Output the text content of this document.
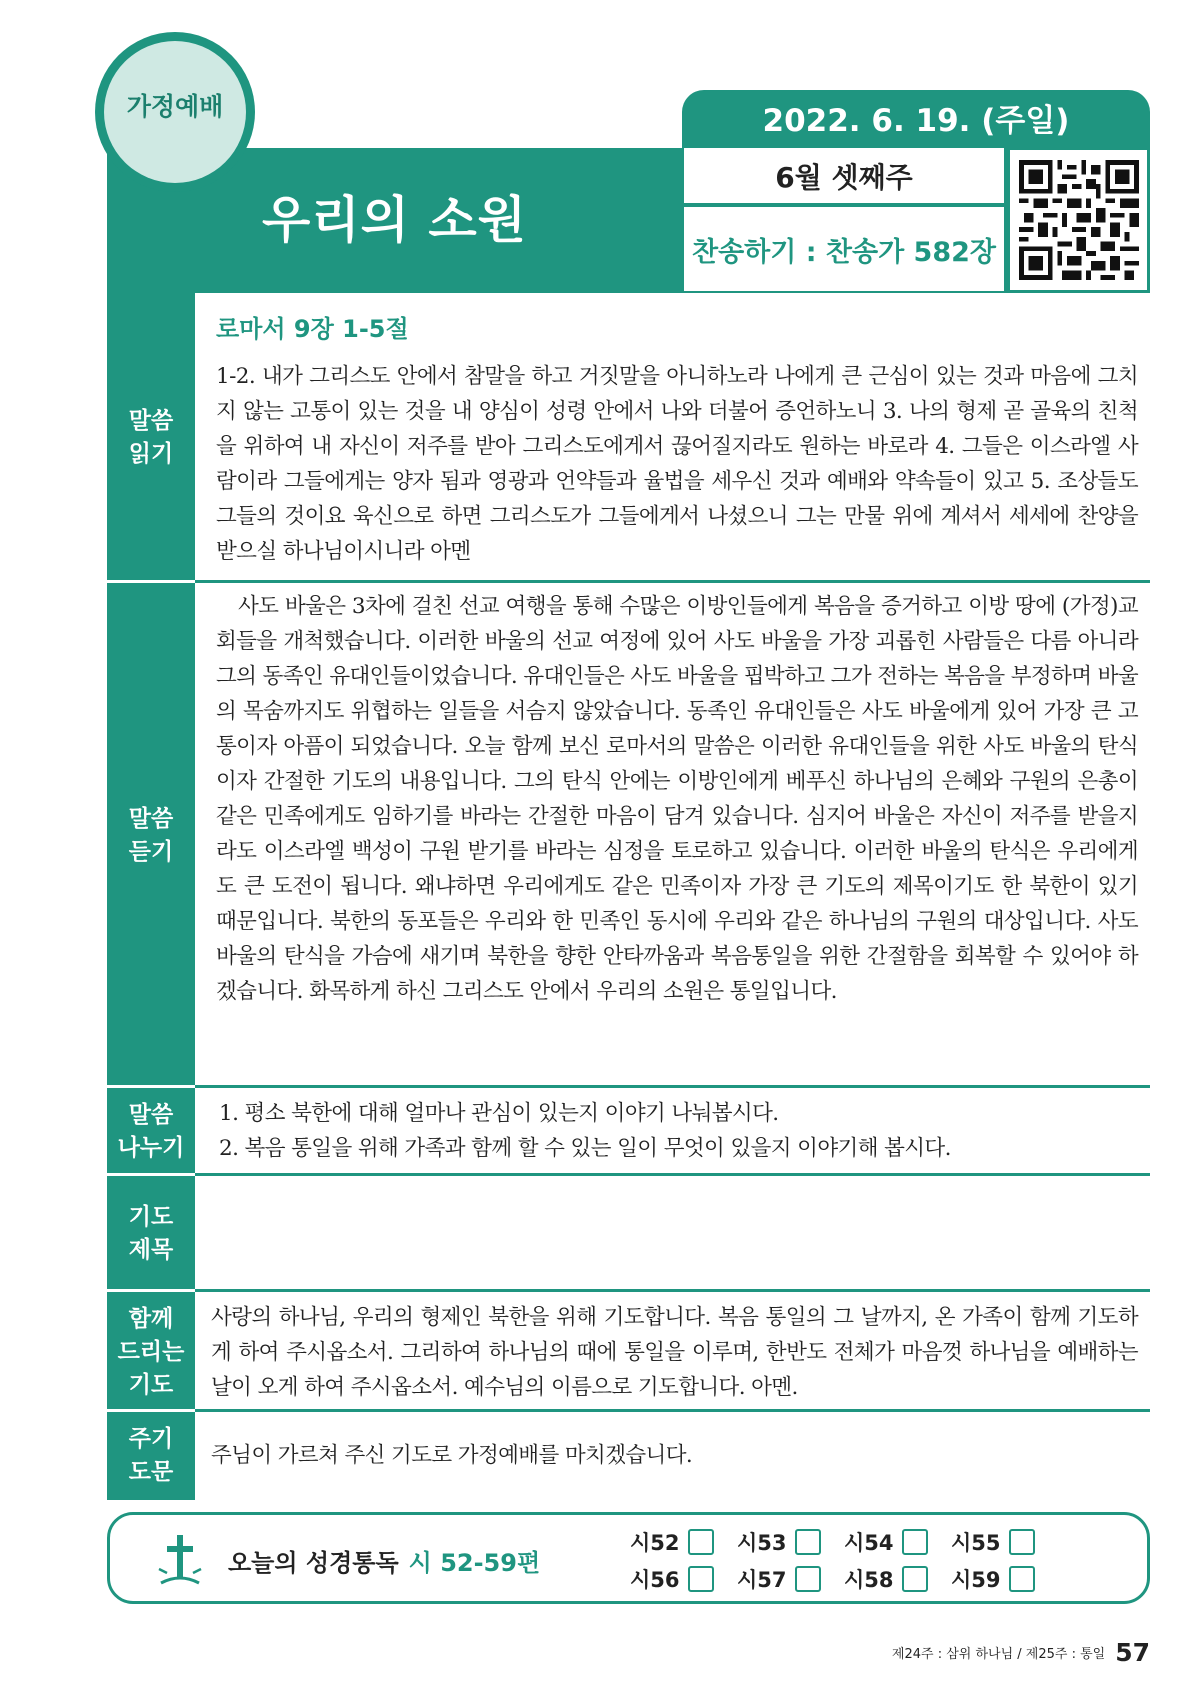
가정예배
우리의 소원
2022. 6. 19. (주일)
6월 셋째주
찬송하기 : 찬송가 582장
말씀
읽기
로마서 9장 1-5절
1-2. 내가 그리스도 안에서 참말을 하고 거짓말을 아니하노라 나에게 큰 근심이 있는 것과 마음에 그치지 않는 고통이 있는 것을 내 양심이 성령 안에서 나와 더불어 증언하노니 3. 나의 형제 곧 골육의 친척을 위하여 내 자신이 저주를 받아 그리스도에게서 끊어질지라도 원하는 바로라 4. 그들은 이스라엘 사람이라 그들에게는 양자 됨과 영광과 언약들과 율법을 세우신 것과 예배와 약속들이 있고 5. 조상들도 그들의 것이요 육신으로 하면 그리스도가 그들에게서 나셨으니 그는 만물 위에 계셔서 세세에 찬양을 받으실 하나님이시니라 아멘
말씀
듣기
사도 바울은 3차에 걸친 선교 여행을 통해 수많은 이방인들에게 복음을 증거하고 이방 땅에 (가정)교회들을 개척했습니다. 이러한 바울의 선교 여정에 있어 사도 바울을 가장 괴롭힌 사람들은 다름 아니라 그의 동족인 유대인들이었습니다. 유대인들은 사도 바울을 핍박하고 그가 전하는 복음을 부정하며 바울의 목숨까지도 위협하는 일들을 서슴지 않았습니다. 동족인 유대인들은 사도 바울에게 있어 가장 큰 고통이자 아픔이 되었습니다. 오늘 함께 보신 로마서의 말씀은 이러한 유대인들을 위한 사도 바울의 탄식이자 간절한 기도의 내용입니다. 그의 탄식 안에는 이방인에게 베푸신 하나님의 은혜와 구원의 은총이 같은 민족에게도 임하기를 바라는 간절한 마음이 담겨 있습니다. 심지어 바울은 자신이 저주를 받을지라도 이스라엘 백성이 구원 받기를 바라는 심정을 토로하고 있습니다. 이러한 바울의 탄식은 우리에게도 큰 도전이 됩니다. 왜냐하면 우리에게도 같은 민족이자 가장 큰 기도의 제목이기도 한 북한이 있기 때문입니다. 북한의 동포들은 우리와 한 민족인 동시에 우리와 같은 하나님의 구원의 대상입니다. 사도 바울의 탄식을 가슴에 새기며 북한을 향한 안타까움과 복음통일을 위한 간절함을 회복할 수 있어야 하겠습니다. 화목하게 하신 그리스도 안에서 우리의 소원은 통일입니다.
말씀
나누기
1. 평소 북한에 대해 얼마나 관심이 있는지 이야기 나눠봅시다.
2. 복음 통일을 위해 가족과 함께 할 수 있는 일이 무엇이 있을지 이야기해 봅시다.
기도
제목
함께
드리는
기도
사랑의 하나님, 우리의 형제인 북한을 위해 기도합니다. 복음 통일의 그 날까지, 온 가족이 함께 기도하게 하여 주시옵소서. 그리하여 하나님의 때에 통일을 이루며, 한반도 전체가 마음껏 하나님을 예배하는 날이 오게 하여 주시옵소서. 예수님의 이름으로 기도합니다. 아멘.
주기
도문
주님이 가르쳐 주신 기도로 가정예배를 마치겠습니다.
오늘의 성경통독 시 52-59편
시52	시53	시54	시55
시56	시57	시58	시59
제24주 : 삼위 하나님 / 제25주 : 통일 57
